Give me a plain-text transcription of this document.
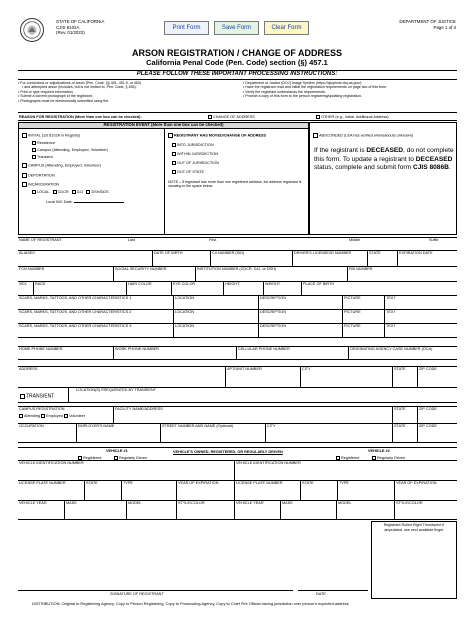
STATE OF CALIFORNIA
CJIS 8102A
(Rev. 01/2023)
DEPARTMENT OF JUSTICE
Page 1 of 3
Print Form	Save Form	Clear Form
ARSON REGISTRATION / CHANGE OF ADDRESS
California Penal Code (Pen. Code) section (§) 457.1
PLEASE FOLLOW THESE IMPORTANT PROCESSING INSTRUCTIONS:
• For convictions or adjudications of arson (Pen. Code, §§ 451, 451.5, or 453)
• and attempted arson (includes, but is not limited to, Pen. Code, § 455).
• Print or type required information.
• Submit a current photograph of the registrant.
• Photographs must be electronically submitted using the
• Department of Justice (DOJ) Image System (https://cjisphoto.doj.ca.gov/)
• Have the registrant read and initial the registration requirements on page two of this form.
• Verify the registrant understands the requirements.
• Provide a copy of this form to the person registering/updating registration.
REASON FOR REGISTRATION (More than one box can be checked):	CHANGE OF ADDRESS	OTHER (e.g., Initial, Additional Address)
REGISTRATION EVENT (More than one box can be checked)
INITIAL (1st 8102A in Registry)
Residence
Campus (Attending, Employed, Volunteer)
Transient
CAMPUS (Attending, Employed, Volunteer)
DEPORTATION
INCARCERATION
LOCAL CDCR DJJ DSH/DDS
Local INC Date:
REGISTRANT HAS MOVED/CHANGE OF ADDRESS
INTO JURISDICTION
WITHIN JURISDICTION
OUT OF JURISDICTION
OUT OF STATE
NOTE – If registrant has more than one registered address, list address registrant is vacating in the space below:
ABSCONDED (LEA has verified whereabouts unknown)
If the registrant is DECEASED, do not complete this form. To update a registrant to DECEASED status, complete and submit form CJIS 8086B.
NAME OF REGISTRANT	Last	First	Middle	Suffix
ALIASES	DATE OF BIRTH	CII NUMBER (SID)	DRIVER'S LICENSE/ID NUMBER	STATE	EXPIRATION DATE
FCN NUMBER	SOCIAL SECURITY NUMBER	INSTITUTION NUMBER (CDCR, DJJ, or DSH)	FBI NUMBER
SEX	RACE	HAIR COLOR	EYE COLOR	HEIGHT	WEIGHT	PLACE OF BIRTH
SCARS, MARKS, TATTOOS, AND OTHER CHARACTERISTICS 1	LOCATION	DESCRIPTION	PICTURE	TEXT
SCARS, MARKS, TATTOOS, AND OTHER CHARACTERISTICS 2	LOCATION	DESCRIPTION	PICTURE	TEXT
SCARS, MARKS, TATTOOS, AND OTHER CHARACTERISTICS 3	LOCATION	DESCRIPTION	PICTURE	TEXT
HOME PHONE NUMBER	WORK PHONE NUMBER	CELLULAR PHONE NUMBER	ORIGINATING AGENCY CASE NUMBER (OCA)
ADDRESS	APT/UNIT NUMBER	CITY	STATE	ZIP CODE
TRANSIENT
LOCATION(S) FREQUENTED BY TRANSIENT
CAMPUS REGISTRATION
Attending Employed Volunteer
FACILITY NAME/ADDRESS	STATE	ZIP CODE
OCCUPATION	EMPLOYER'S NAME	STREET NUMBER AND NAME (Optional)	CITY	STATE	ZIP CODE
VEHICLE #1
Registered	Regularly Driven
VEHICLE'S OWNED, REGISTERED, OR REGULARLY DRIVEN	VEHICLE #2
Registered	Regularly Driven
VEHICLE IDENTIFICATION NUMBER	VEHICLE IDENTIFICATION NUMBER
LICENSE PLATE NUMBER	STATE	TYPE	YEAR OF EXPIRATION	LICENSE PLATE NUMBER	STATE	TYPE	YEAR OF EXPIRATION
VEHICLE YEAR	MAKE	MODEL	STYLE/COLOR	VEHICLE YEAR	MAKE	MODEL	STYLE/COLOR
Registrant Rolled Right Thumbprint If amputated, use next available finger
SIGNATURE OF REGISTRANT	DATE
DISTRIBUTION: Original to Registering Agency, Copy to Person Registering, Copy to Prosecuting Agency, Copy to Chief Fire Official having jurisdiction over person's expected address
